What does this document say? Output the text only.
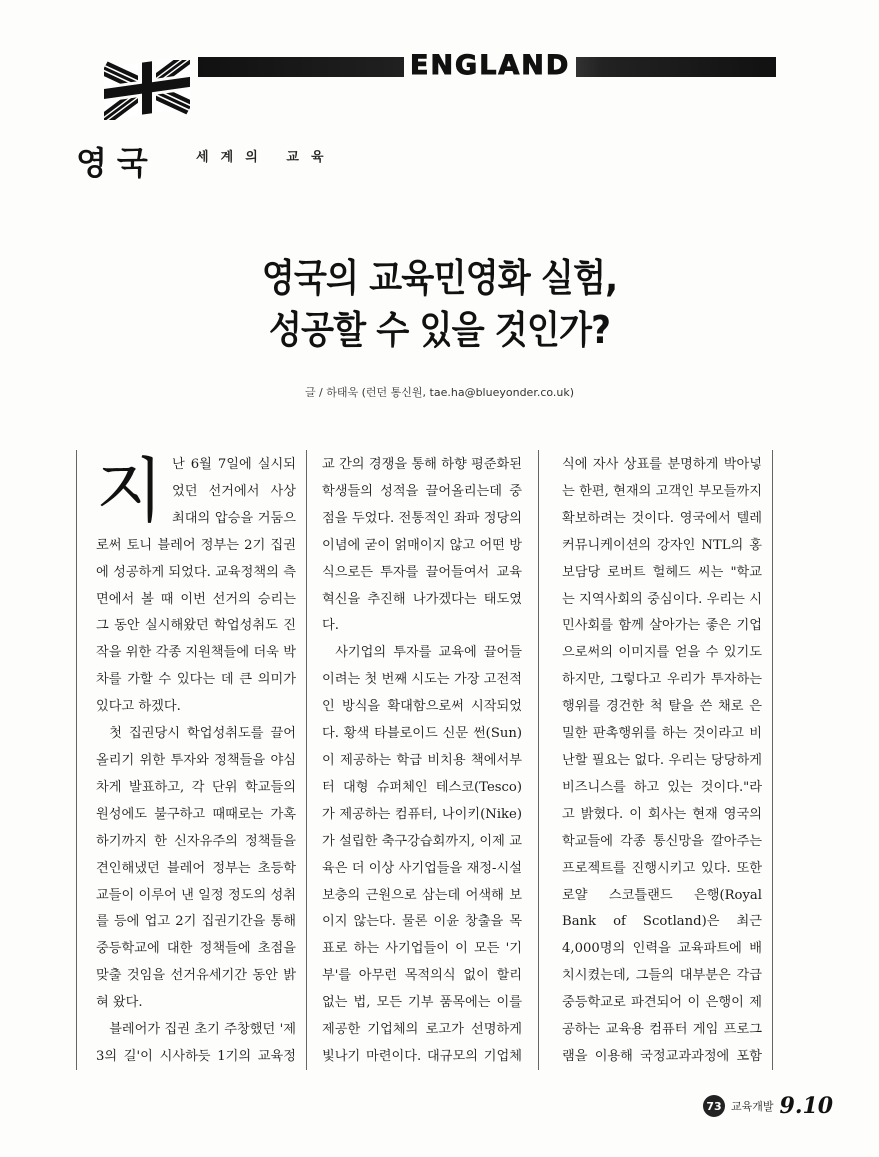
ENGLAND
영국	세  계  의     교  육
영국의 교육민영화 실험,
성공할 수 있을 것인가?
글 / 하태욱 (런던 통신원, tae.ha@blueyonder.co.uk)

지난 6월 7일에 실시되었던 선거에서 사상 최대의 압승을 거둠으로써 토니 블레어 정부는 2기 집권에 성공하게 되었다. 교육정책의 측면에서 볼 때 이번 선거의 승리는 그 동안 실시해왔던 학업성취도 진작을 위한 각종 지원책들에 더욱 박차를 가할 수 있다는 데 큰 의미가 있다고 하겠다.

첫 집권당시 학업성취도를 끌어올리기 위한 투자와 정책들을 야심차게 발표하고, 각 단위 학교들의 원성에도 불구하고 때때로는 가혹하기까지 한 신자유주의 정책들을 견인해냈던 블레어 정부는 초등학교들이 이루어 낸 일정 정도의 성취를 등에 업고 2기 집권기간을 통해 중등학교에 대한 정책들에 초점을 맞출 것임을 선거유세기간 동안 밝혀 왔다.

블레어가 집권 초기 주창했던 '제3의 길'이 시사하듯 1기의 교육정

교 간의 경쟁을 통해 하향 평준화된 학생들의 성적을 끌어올리는데 중점을 두었다. 전통적인 좌파 정당의 이념에 굳이 얽매이지 않고 어떤 방식으로든 투자를 끌어들여서 교육혁신을 추진해 나가겠다는 태도였다.

사기업의 투자를 교육에 끌어들이려는 첫 번째 시도는 가장 고전적인 방식을 확대함으로써 시작되었다. 황색 타블로이드 신문 썬(Sun)이 제공하는 학급 비치용 책에서부터 대형 슈퍼체인 테스코(Tesco)가 제공하는 컴퓨터, 나이키(Nike)가 설립한 축구강습회까지, 이제 교육은 더 이상 사기업들을 재정-시설 보충의 근원으로 삼는데 어색해 보이지 않는다. 물론 이윤 창출을 목표로 하는 사기업들이 이 모든 '기부'를 아무런 목적의식 없이 할리 없는 법, 모든 기부 품목에는 이를 제공한 기업체의 로고가 선명하게 빛나기 마련이다. 대규모의 기업체

식에 자사 상표를 분명하게 박아넣는 한편, 현재의 고객인 부모들까지 확보하려는 것이다. 영국에서 텔레커뮤니케이션의 강자인 NTL의 홍보담당 로버트 헐헤드 씨는 "학교는 지역사회의 중심이다. 우리는 시민사회를 함께 살아가는 좋은 기업으로써의 이미지를 얻을 수 있기도 하지만, 그렇다고 우리가 투자하는 행위를 경건한 척 탈을 쓴 채로 은밀한 판촉행위를 하는 것이라고 비난할 필요는 없다. 우리는 당당하게 비즈니스를 하고 있는 것이다."라고 밝혔다. 이 회사는 현재 영국의 학교들에 각종 통신망을 깔아주는 프로젝트를 진행시키고 있다. 또한 로얄 스코틀랜드 은행(Royal Bank of Scotland)은 최근 4,000명의 인력을 교육파트에 배치시켰는데, 그들의 대부분은 각급 중등학교로 파견되어 이 은행이 제공하는 교육용 컴퓨터 게임 프로그램을 이용해 국정교과과정에 포함

73 교육개발 9.10
